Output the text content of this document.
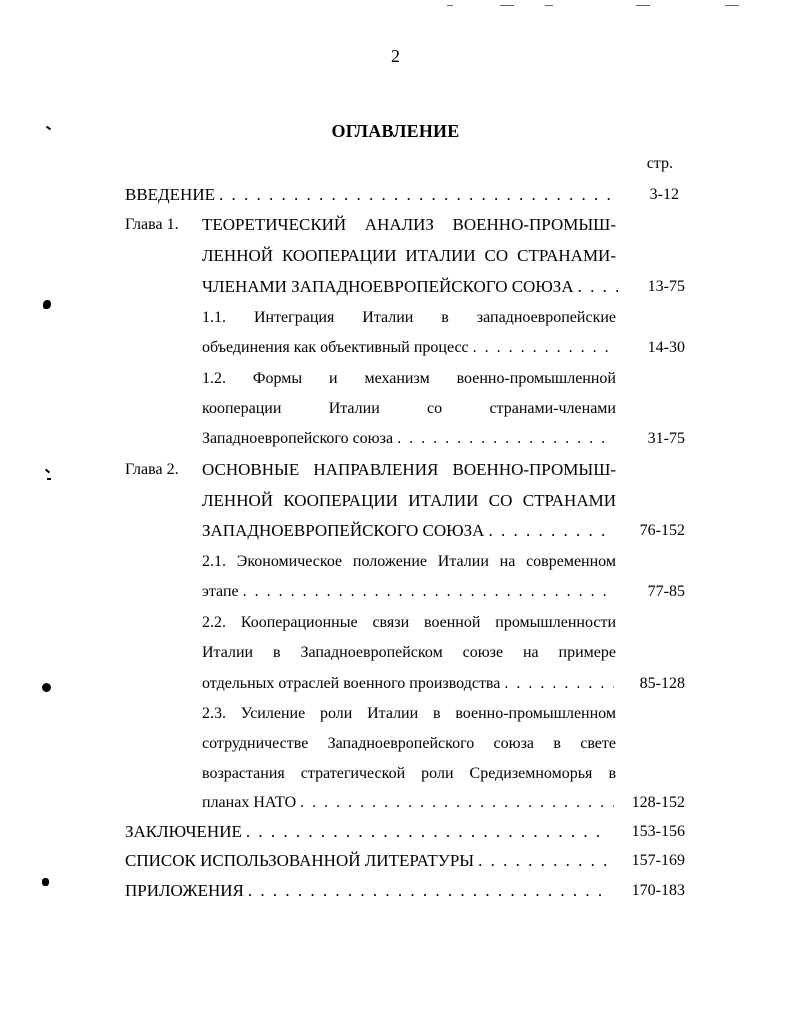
2
ОГЛАВЛЕНИЕ
стр.
ВВЕДЕНИЕ . . .	3-12
Глава 1. ТЕОРЕТИЧЕСКИЙ АНАЛИЗ ВОЕННО-ПРОМЫШ-
ЛЕННОЙ КООПЕРАЦИИ ИТАЛИИ СО СТРАНАМИ-
ЧЛЕНАМИ ЗАПАДНОЕВРОПЕЙСКОГО СОЮЗА . . .	13-75
1.1. Интеграция Италии в западноевропейские
объединения как объективный процесс . . .	14-30
1.2. Формы и механизм военно-промышленной
кооперации Италии со странами-членами
Западноевропейского союза . . .	31-75
Глава 2. ОСНОВНЫЕ НАПРАВЛЕНИЯ ВОЕННО-ПРОМЫШ-
ЛЕННОЙ КООПЕРАЦИИ ИТАЛИИ СО СТРАНАМИ
ЗАПАДНОЕВРОПЕЙСКОГО СОЮЗА . . .	76-152
2.1. Экономическое положение Италии на современном
этапе . . .	77-85
2.2. Кооперационные связи военной промышленности
Италии в Западноевропейском союзе на примере
отдельных отраслей военного производства . . .	85-128
2.3. Усиление роли Италии в военно-промышленном
сотрудничестве Западноевропейского союза в свете
возрастания стратегической роли Средиземноморья в
планах НАТО . . .	128-152
ЗАКЛЮЧЕНИЕ . . .	153-156
СПИСОК ИСПОЛЬЗОВАННОЙ ЛИТЕРАТУРЫ . . .	157-169
ПРИЛОЖЕНИЯ . . .	170-183
